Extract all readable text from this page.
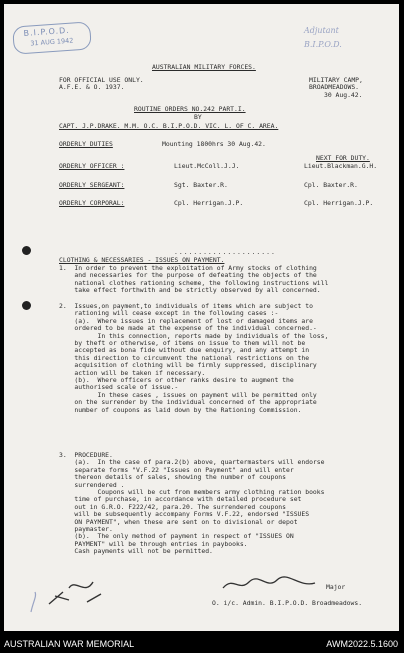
B.I.P.O.D.
31 AUG 1942
Adjutant B.I.P.O.D.
AUSTRALIAN MILITARY FORCES.
FOR OFFICIAL USE ONLY.
A.F.E. & O. 1937.
MILITARY CAMP,
BROADMEADOWS.
30 Aug.42.
ROUTINE ORDERS NO.242 PART.I.
BY
CAPT. J.P.DRAKE. M.M. O.C. B.I.P.O.D. VIC. L. OF C. AREA.
ORDERLY DUTIES	Mounting 1800hrs 30 Aug.42.
NEXT FOR DUTY.
ORDERLY OFFICER :	Lieut.McColl.J.J.	Lieut.Blackman.G.H.
ORDERLY SERGEANT:	Sgt. Baxter.R.	Cpl. Baxter.R.
ORDERLY CORPORAL:	Cpl. Herrigan.J.P.	Cpl. Herrigan.J.P.
.....................
CLOTHING & NECESSARIES - ISSUES ON PAYMENT.
1.  In order to prevent the exploitation of Army stocks of clothing
and necessaries for the purpose of defeating the objects of the
national clothes rationing scheme, the following instructions will
take effect forthwith and be strictly observed by all concerned.
2.  Issues,on payment,to individuals of items which are subject to
rationing will cease except in the following cases :-
(a).  Where issues in replacement of lost or damaged items are
ordered to be made at the expense of the individual concerned.-
In this connection, reports made by individuals of the loss,
by theft or otherwise, of items on issue to them will not be
accepted as bona fide without due enquiry, and any attempt in
this direction to circumvent the national restrictions on the
acquisition of clothing will be firmly suppressed, disciplinary
action will be taken if necessary.
(b).  Where officers or other ranks desire to augment the
authorised scale of issue.-
In these cases , issues on payment will be permitted only
on the surrender by the individual concerned of the appropriate
number of coupons as laid down by the Rationing Commission.
3.  PROCEDURE.
(a).  In the case of para.2(b) above, quartermasters will endorse
separate forms "V.F.22 "Issues on Payment" and will enter
thereon details of sales, showing the number of coupons
surrendered .
Coupons will be cut from members army clothing ration books
time of purchase, in accordance with detailed procedure set
out in G.R.O. F222/42, para.20. The surrendered coupons
will be subsequently accompany Forms V.F.22, endorsed "ISSUES
ON PAYMENT", when these are sent on to divisional or depot
paymaster.
(b).  The only method of payment in respect of "ISSUES ON
PAYMENT" will be through entries in paybooks.
Cash payments will not be permitted.
Major
O. i/c. Admin. B.I.P.O.D. Broadmeadows.
AUSTRALIAN WAR MEMORIAL	AWM2022.5.1600
